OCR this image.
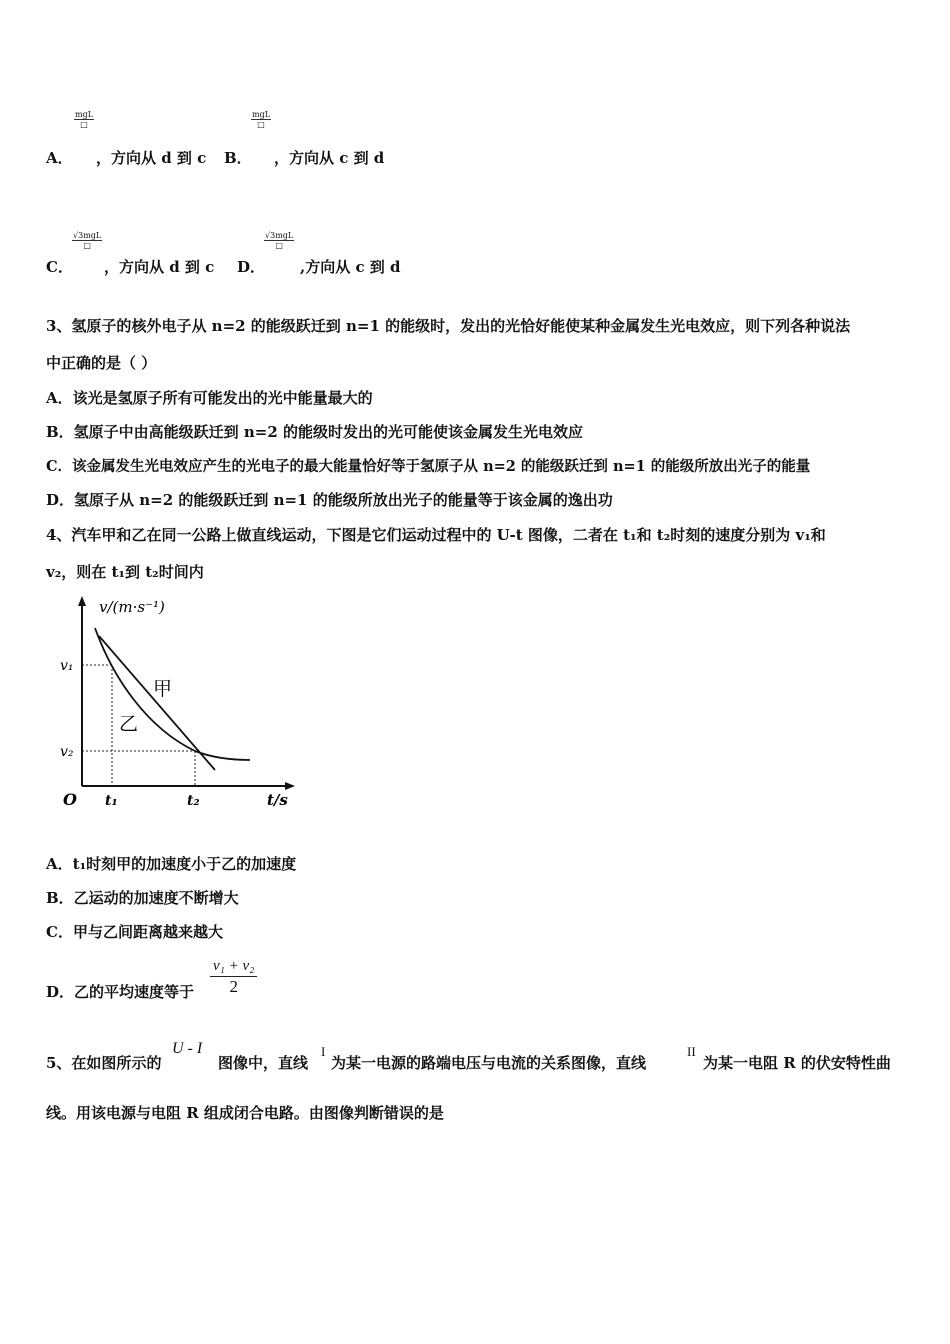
mgL
□
A． ，方向从 d 到 c
mgL
□
B． ，方向从 c 到 d
√3mgL
□
C． ，方向从 d 到 c
√3mgL
□
D． ,方向从 c 到 d
3、氢原子的核外电子从 n=2 的能级跃迁到 n=1 的能级时，发出的光恰好能使某种金属发生光电效应，则下列各种说法
中正确的是（ ）
A．该光是氢原子所有可能发出的光中能量最大的
B．氢原子中由高能级跃迁到 n=2 的能级时发出的光可能使该金属发生光电效应
C．该金属发生光电效应产生的光电子的最大能量恰好等于氢原子从 n=2 的能级跃迁到 n=1 的能级所放出光子的能量
D．氢原子从 n=2 的能级跃迁到 n=1 的能级所放出光子的能量等于该金属的逸出功
4、汽车甲和乙在同一公路上做直线运动，下图是它们运动过程中的 U-t 图像，二者在 t₁和 t₂时刻的速度分别为 v₁和
v₂，则在 t₁到 t₂时间内
v/(m·s⁻¹)
t/s
O
v₁
v₂
t₁	t₂
甲
乙
A．t₁时刻甲的加速度小于乙的加速度
B．乙运动的加速度不断增大
C．甲与乙间距离越来越大
D．乙的平均速度等于 $\frac{\text{v₁ + v₂}}{2}$
5、在如图所示的
U - I
图像中，直线
I
为某一电源的路端电压与电流的关系图像，直线
II
为某一电阻 R 的伏安特性曲
线。用该电源与电阻 R 组成闭合电路。由图像判断错误的是
